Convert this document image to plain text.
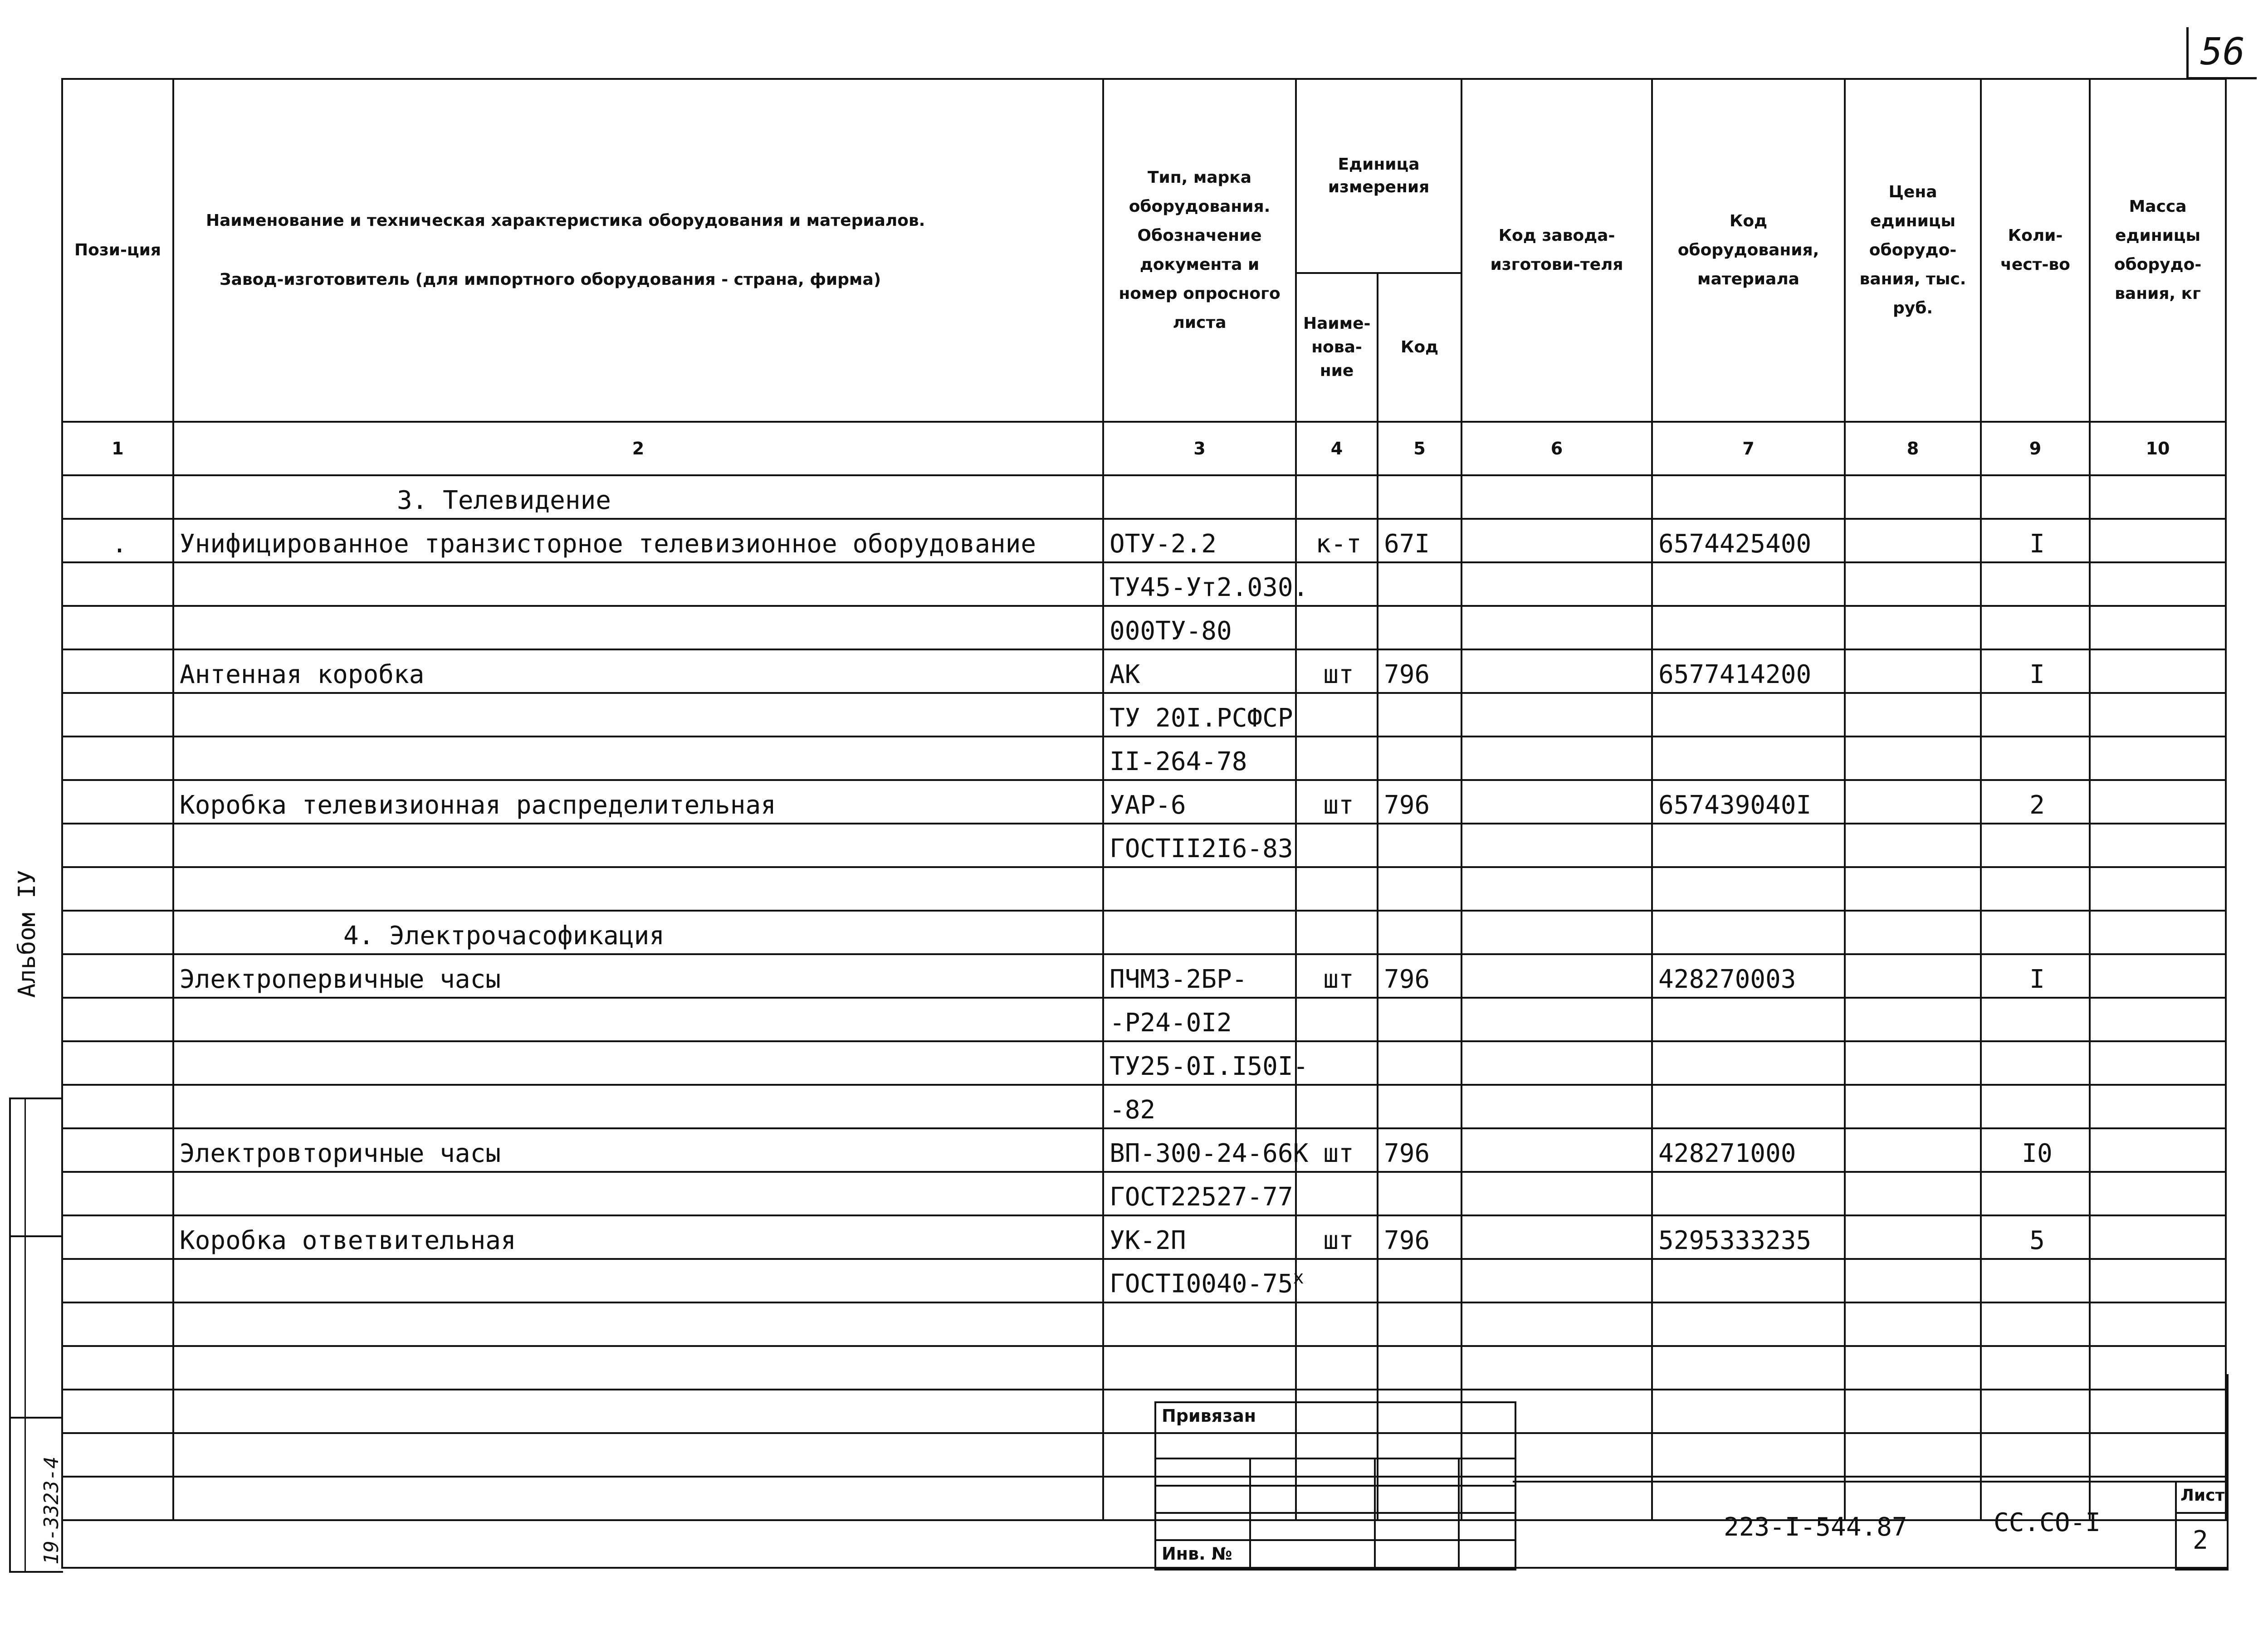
56
Альбом IУ
19-3323-4
Пози-ция	Наименование и техническая характеристика оборудования и материалов.
Завод-изготовитель (для импортного оборудования - страна, фирма)	Тип, марка оборудования. Обозначение документа и номер опросного листа	Единица измерения		Код завода-изготови-теля	Код оборудования, материала	Цена единицы оборудо-вания, тыс. руб.	Коли-чест-во	Масса единицы оборудо-вания, кг
			Наиме-нова-ние	Код					
1	2	3	4	5	6	7	8	9	10
	3. Телевидение								
.	Унифицированное транзисторное телевизионное оборудование	ОТУ-2.2	к-т	67I		6574425400		I	
		ТУ45-Ут2.030.							
		000ТУ-80							
	Антенная коробка	АК	шт	796		6577414200		I	
		ТУ 20I.РСФСР							
		II-264-78							
	Коробка телевизионная распределительная	УАР-6	шт	796		657439040I		2	
		ГОСТII2I6-83							

	4. Электрочасофикация								
	Электропервичные часы	ПЧМЗ-2БР-	шт	796		428270003		I	
		-Р24-0I2							
		ТУ25-0I.I50I-							
		-82							
	Электровторичные часы	ВП-300-24-66К	шт	796		428271000		I0	
		ГОСТ22527-77							
	Коробка ответвительная	УК-2П	шт	796		5295333235		5	
		ГОСТI0040-75$^x$							

Привязан
Инв. №
223-I-544.87	СС.СО-I
Лист
2
